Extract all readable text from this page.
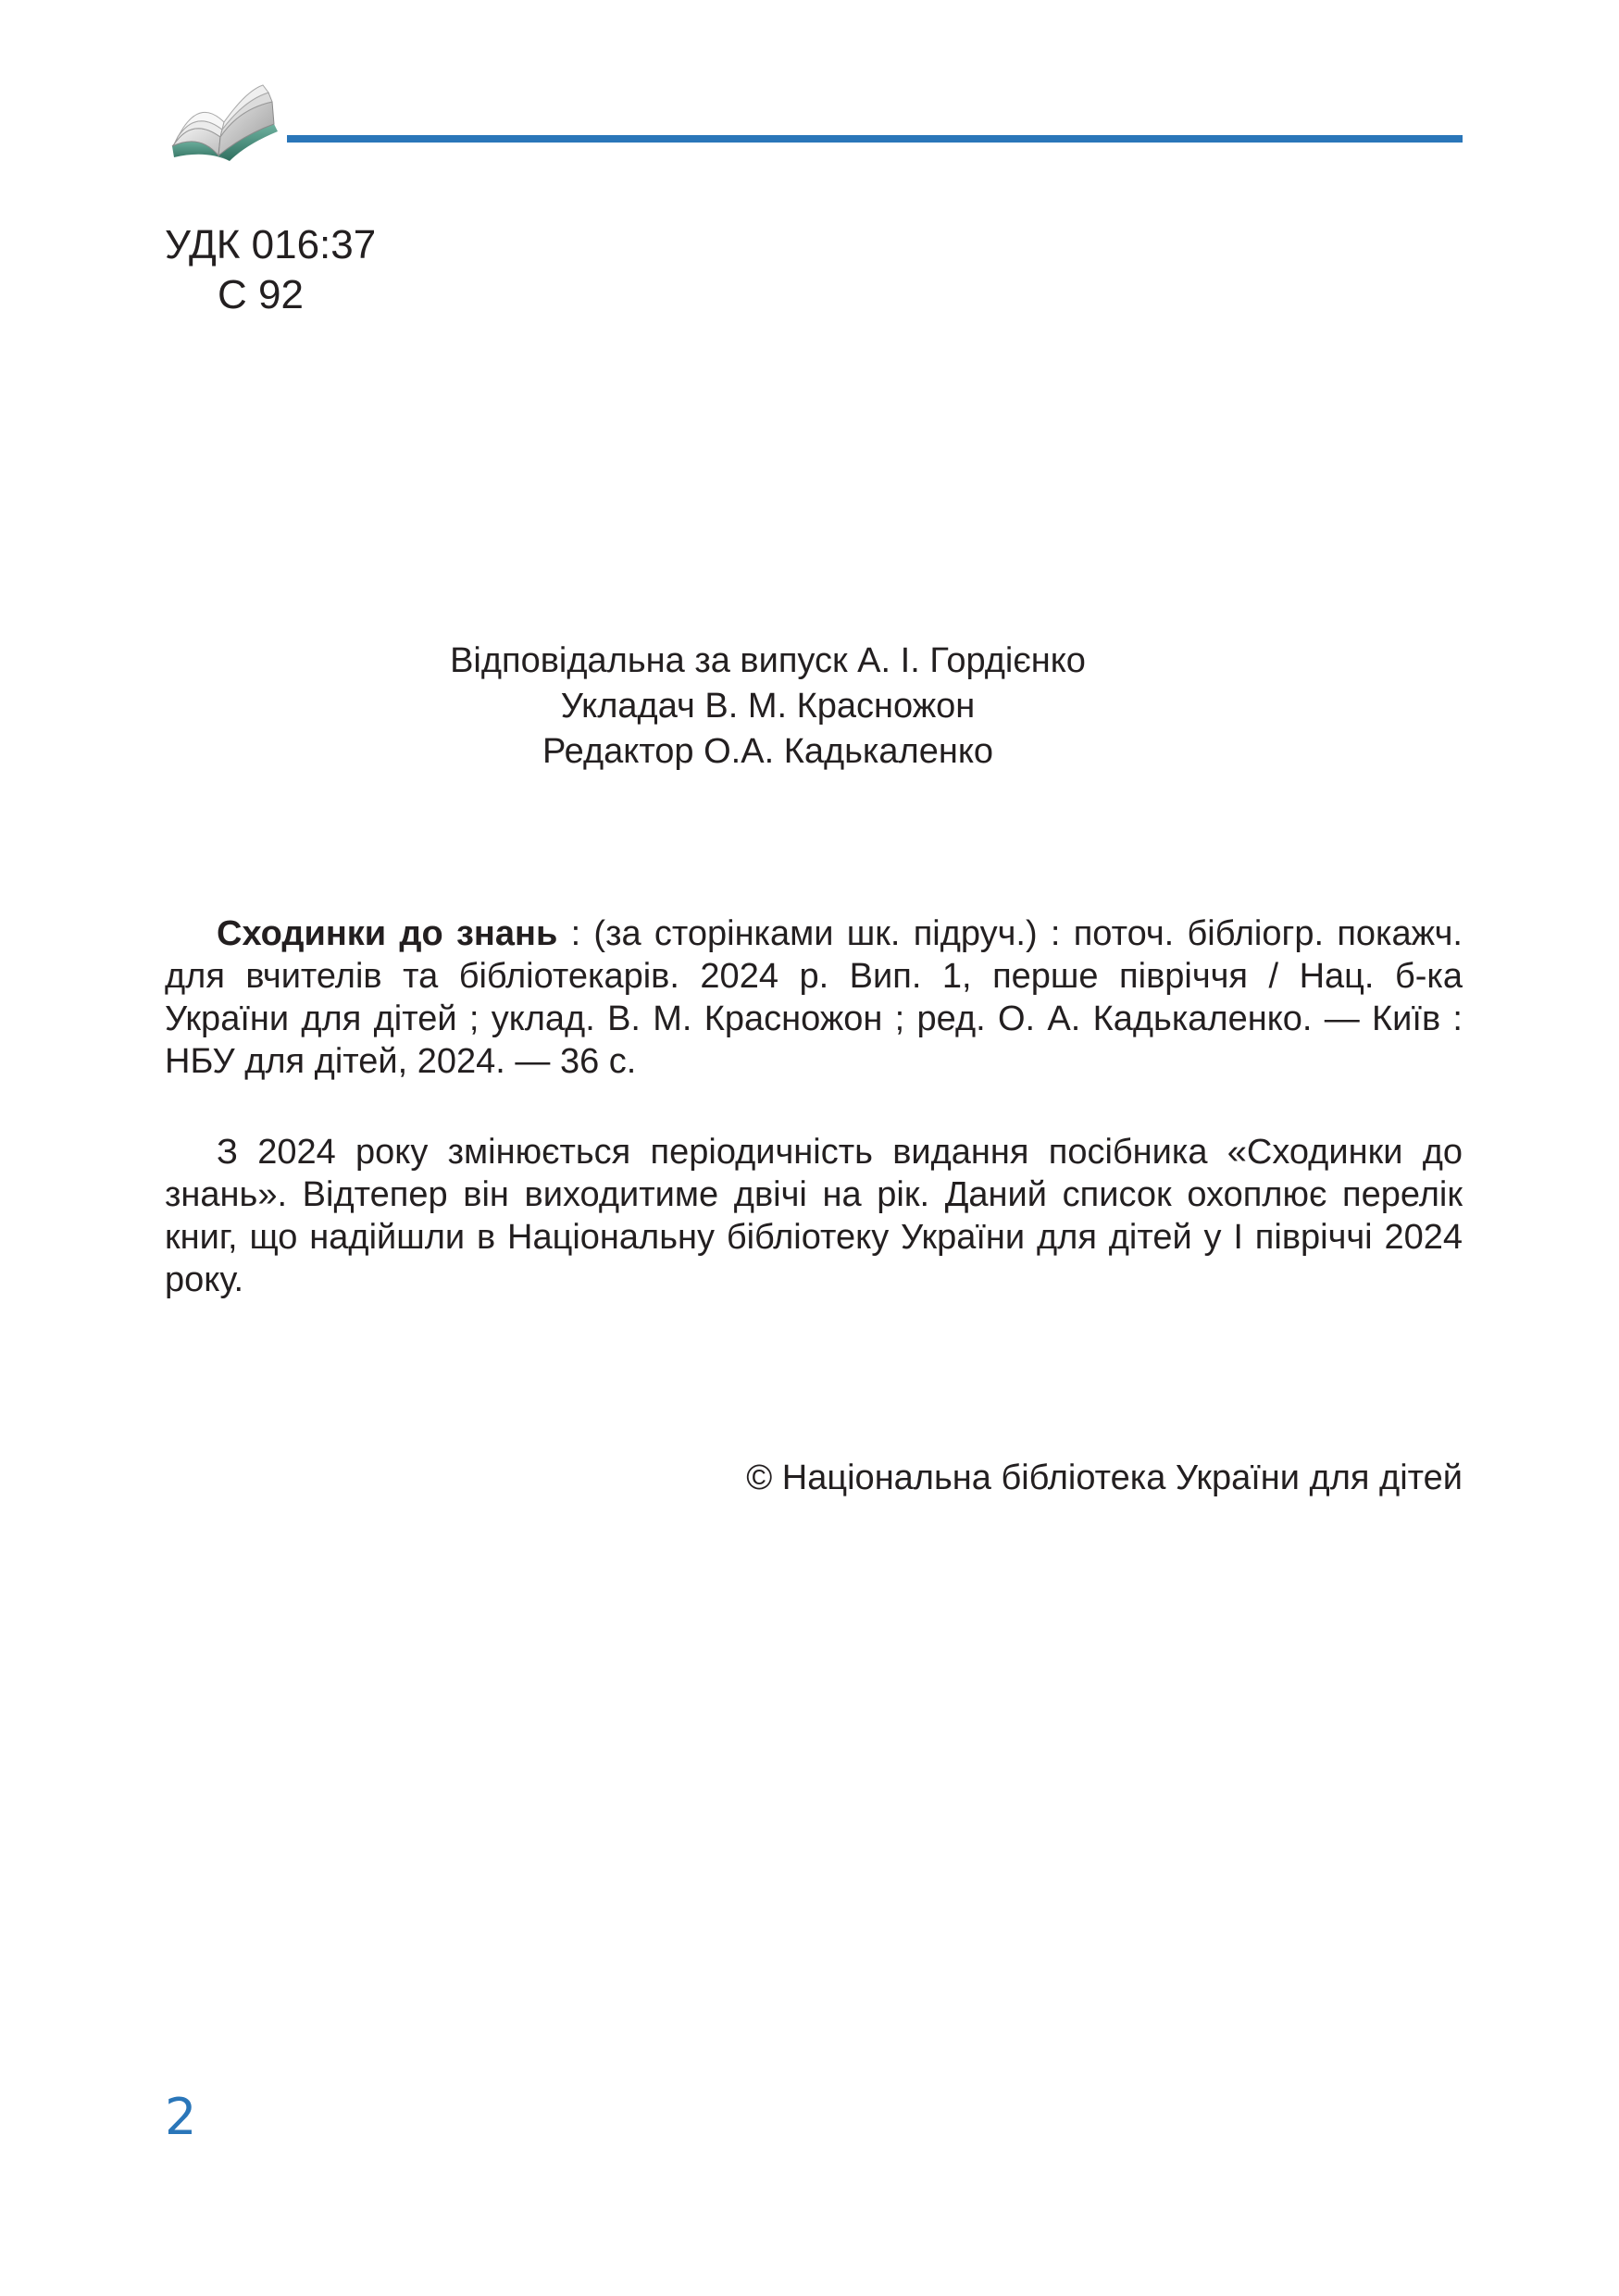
УДК 016:37
С 92
Відповідальна за випуск А. І. Гордієнко
Укладач В. М. Красножон
Редактор О.А. Кадькаленко

Сходинки до знань : (за сторінками шк. підруч.) : поточ. бібліогр. покажч. для вчителів та бібліотекарів. 2024 р. Вип. 1, перше півріччя / Нац. б-ка України для дітей ; уклад. В. М. Красножон ; ред. О. А. Кадькаленко. — Київ : НБУ для дітей, 2024. — 36 с.

З 2024 року змінюється періодичність видання посібника «Сходинки до знань». Відтепер він виходитиме двічі на рік. Даний список охоплює перелік книг, що надійшли в Національну бібліотеку України для дітей у І півріччі 2024 року.

© Національна бібліотека України для дітей
2
